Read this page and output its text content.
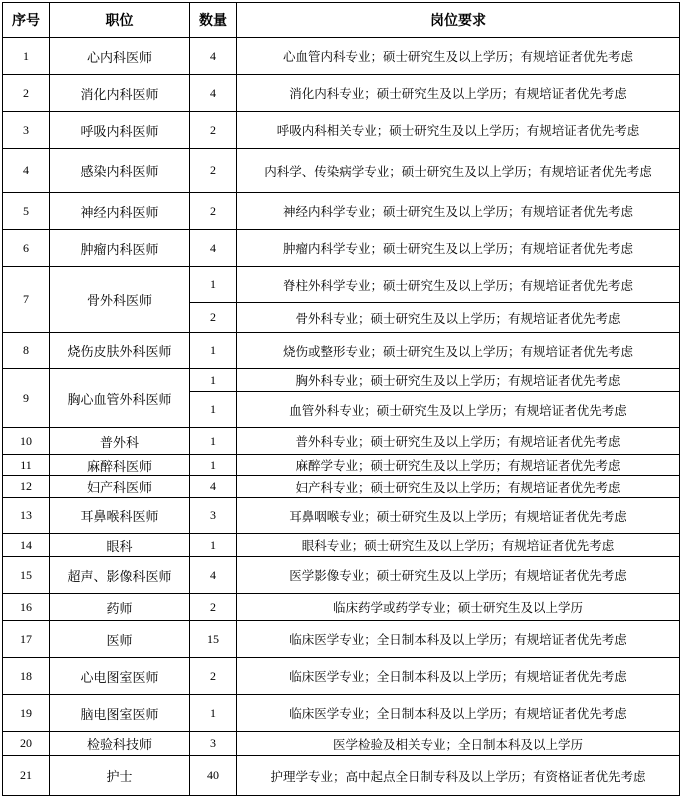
序号	职位	数量	岗位要求
1	心内科医师	4	心血管内科专业；硕士研究生及以上学历；有规培证者优先考虑
2	消化内科医师	4	消化内科专业；硕士研究生及以上学历；有规培证者优先考虑
3	呼吸内科医师	2	呼吸内科相关专业；硕士研究生及以上学历；有规培证者优先考虑
4	感染内科医师	2	内科学、传染病学专业；硕士研究生及以上学历；有规培证者优先考虑
5	神经内科医师	2	神经内科学专业；硕士研究生及以上学历；有规培证者优先考虑
6	肿瘤内科医师	4	肿瘤内科学专业；硕士研究生及以上学历；有规培证者优先考虑
7	骨外科医师	1	脊柱外科学专业；硕士研究生及以上学历；有规培证者优先考虑
		2	骨外科专业；硕士研究生及以上学历；有规培证者优先考虑
8	烧伤皮肤外科医师	1	烧伤或整形专业；硕士研究生及以上学历；有规培证者优先考虑
9	胸心血管外科医师	1	胸外科专业；硕士研究生及以上学历；有规培证者优先考虑
		1	血管外科专业；硕士研究生及以上学历；有规培证者优先考虑
10	普外科	1	普外科专业；硕士研究生及以上学历；有规培证者优先考虑
11	麻醉科医师	1	麻醉学专业；硕士研究生及以上学历；有规培证者优先考虑
12	妇产科医师	4	妇产科专业；硕士研究生及以上学历；有规培证者优先考虑
13	耳鼻喉科医师	3	耳鼻咽喉专业；硕士研究生及以上学历；有规培证者优先考虑
14	眼科	1	眼科专业；硕士研究生及以上学历；有规培证者优先考虑
15	超声、影像科医师	4	医学影像专业；硕士研究生及以上学历；有规培证者优先考虑
16	药师	2	临床药学或药学专业；硕士研究生及以上学历
17	医师	15	临床医学专业；全日制本科及以上学历；有规培证者优先考虑
18	心电图室医师	2	临床医学专业；全日制本科及以上学历；有规培证者优先考虑
19	脑电图室医师	1	临床医学专业；全日制本科及以上学历；有规培证者优先考虑
20	检验科技师	3	医学检验及相关专业；全日制本科及以上学历
21	护士	40	护理学专业；高中起点全日制专科及以上学历；有资格证者优先考虑
